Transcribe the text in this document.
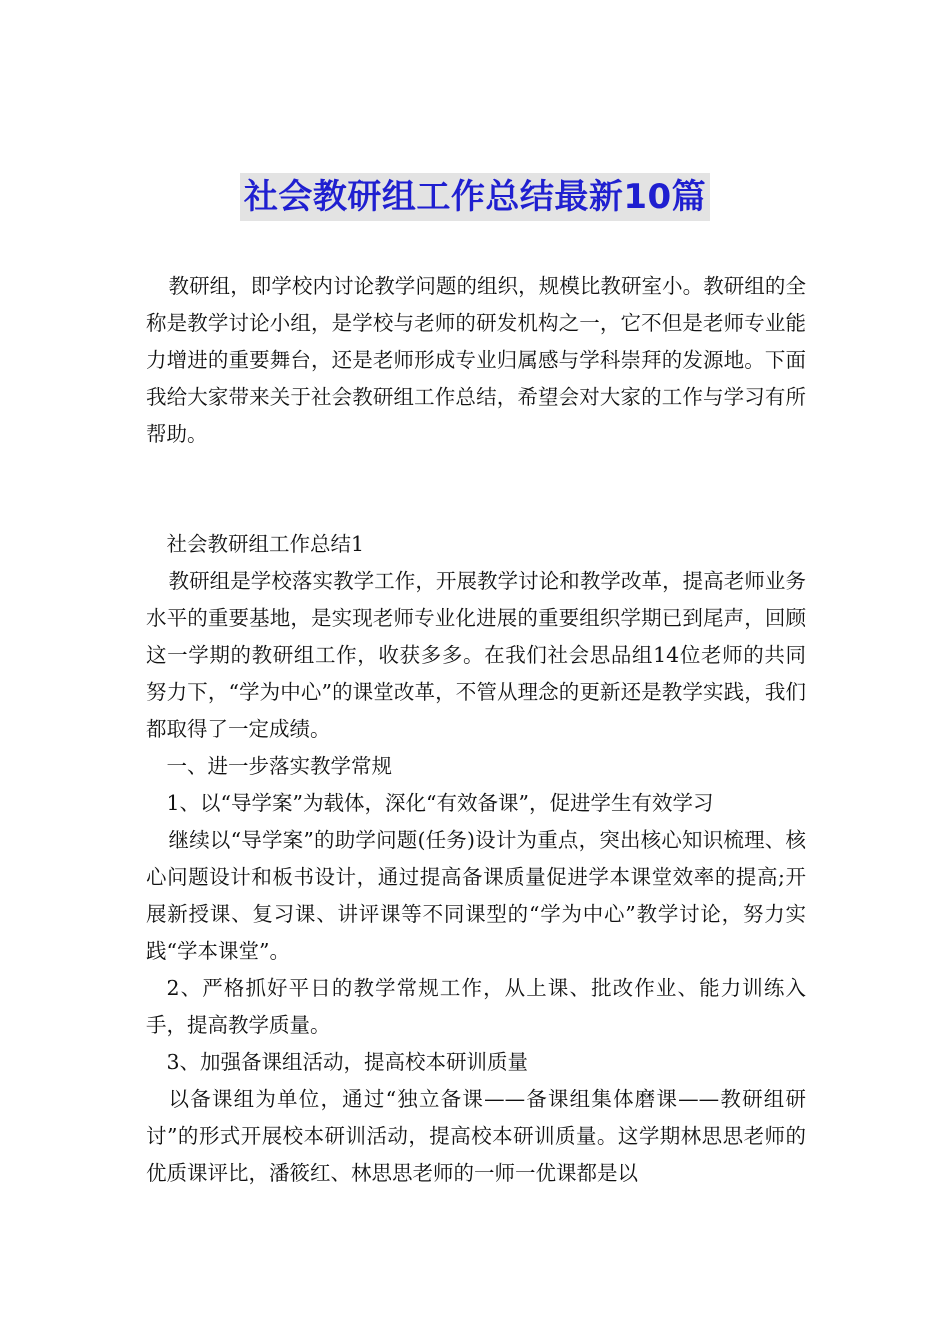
社会教研组工作总结最新10篇

教研组，即学校内讨论教学问题的组织，规模比教研室小。教研组的全称是教学讨论小组，是学校与老师的研发机构之一，它不但是老师专业能力增进的重要舞台，还是老师形成专业归属感与学科崇拜的发源地。下面我给大家带来关于社会教研组工作总结，希望会对大家的工作与学习有所帮助。

社会教研组工作总结1

教研组是学校落实教学工作，开展教学讨论和教学改革，提高老师业务水平的重要基地，是实现老师专业化进展的重要组织学期已到尾声，回顾这一学期的教研组工作，收获多多。在我们社会思品组14位老师的共同努力下，“学为中心”的课堂改革，不管从理念的更新还是教学实践，我们都取得了一定成绩。

一、进一步落实教学常规

1、以“导学案”为载体，深化“有效备课”，促进学生有效学习

继续以“导学案”的助学问题(任务)设计为重点，突出核心知识梳理、核心问题设计和板书设计，通过提高备课质量促进学本课堂效率的提高;开展新授课、复习课、讲评课等不同课型的“学为中心”教学讨论，努力实践“学本课堂”。

2、严格抓好平日的教学常规工作，从上课、批改作业、能力训练入手，提高教学质量。

3、加强备课组活动，提高校本研训质量

以备课组为单位，通过“独立备课——备课组集体磨课——教研组研讨”的形式开展校本研训活动，提高校本研训质量。这学期林思思老师的优质课评比，潘筱红、林思思老师的一师一优课都是以
